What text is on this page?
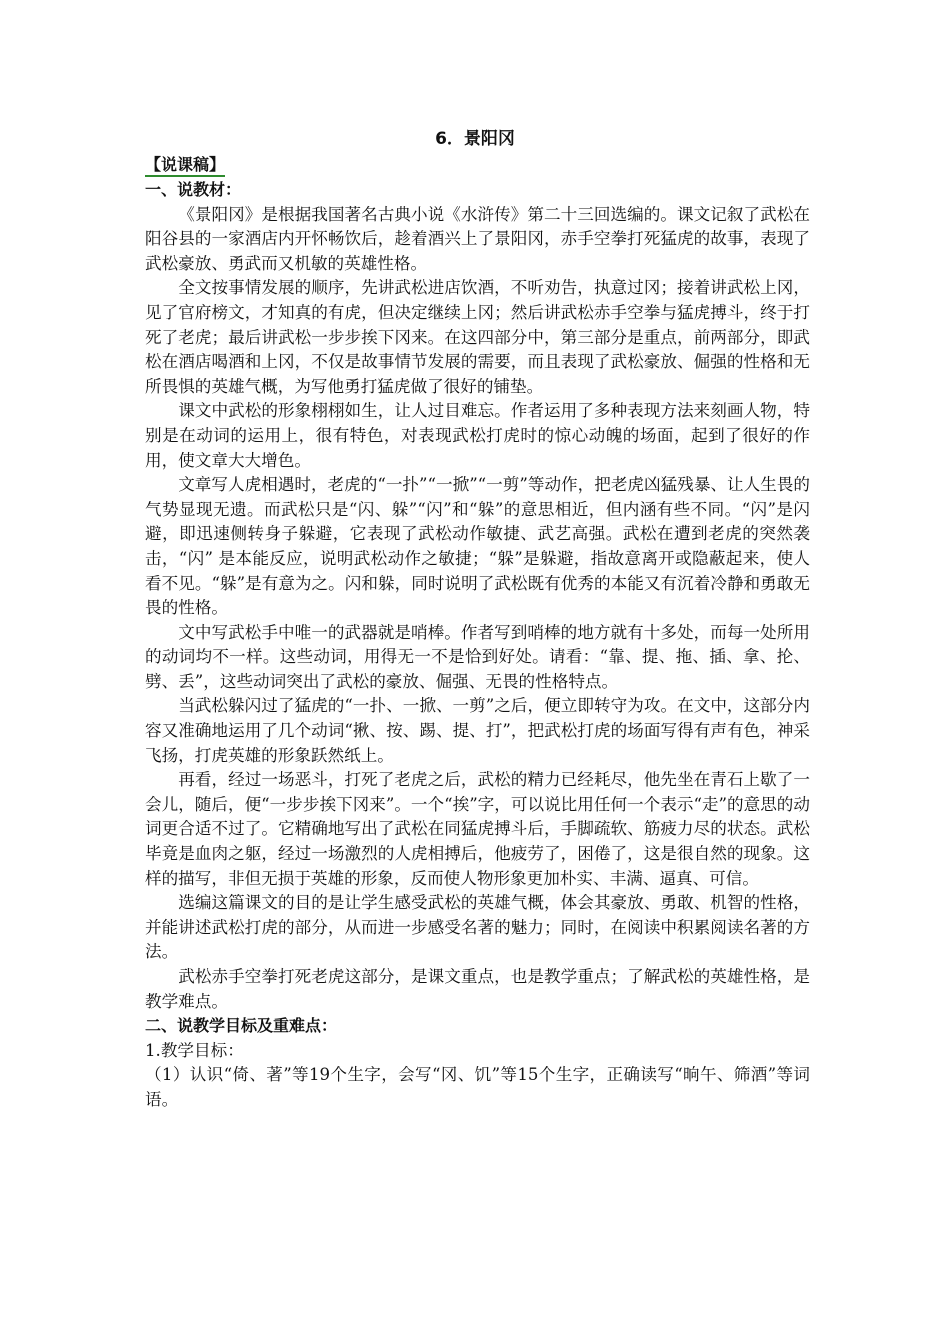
6．景阳冈

【说课稿】

一、说教材：

《景阳冈》是根据我国著名古典小说《水浒传》第二十三回选编的。课文记叙了武松在阳谷县的一家酒店内开怀畅饮后，趁着酒兴上了景阳冈，赤手空拳打死猛虎的故事，表现了武松豪放、勇武而又机敏的英雄性格。

全文按事情发展的顺序，先讲武松进店饮酒，不听劝告，执意过冈；接着讲武松上冈，见了官府榜文，才知真的有虎，但决定继续上冈；然后讲武松赤手空拳与猛虎搏斗，终于打死了老虎；最后讲武松一步步挨下冈来。在这四部分中，第三部分是重点，前两部分，即武松在酒店喝酒和上冈，不仅是故事情节发展的需要，而且表现了武松豪放、倔强的性格和无所畏惧的英雄气概，为写他勇打猛虎做了很好的铺垫。

课文中武松的形象栩栩如生，让人过目难忘。作者运用了多种表现方法来刻画人物，特别是在动词的运用上，很有特色，对表现武松打虎时的惊心动魄的场面，起到了很好的作用，使文章大大增色。

文章写人虎相遇时，老虎的“一扑”“一掀”“一剪”等动作，把老虎凶猛残暴、让人生畏的气势显现无遗。而武松只是“闪、躲”“闪”和“躲”的意思相近，但内涵有些不同。“闪”是闪避，即迅速侧转身子躲避，它表现了武松动作敏捷、武艺高强。武松在遭到老虎的突然袭击，“闪” 是本能反应，说明武松动作之敏捷；“躲”是躲避，指故意离开或隐蔽起来，使人看不见。“躲”是有意为之。闪和躲，同时说明了武松既有优秀的本能又有沉着冷静和勇敢无畏的性格。

文中写武松手中唯一的武器就是哨棒。作者写到哨棒的地方就有十多处，而每一处所用的动词均不一样。这些动词，用得无一不是恰到好处。请看：“靠、提、拖、插、拿、抡、劈、丢”，这些动词突出了武松的豪放、倔强、无畏的性格特点。

当武松躲闪过了猛虎的“一扑、一掀、一剪”之后，便立即转守为攻。在文中，这部分内容又准确地运用了几个动词“揪、按、踢、提、打”，把武松打虎的场面写得有声有色，神采飞扬，打虎英雄的形象跃然纸上。

再看，经过一场恶斗，打死了老虎之后，武松的精力已经耗尽，他先坐在青石上歇了一会儿，随后，便“一步步挨下冈来”。一个“挨”字，可以说比用任何一个表示“走”的意思的动词更合适不过了。它精确地写出了武松在同猛虎搏斗后，手脚疏软、筋疲力尽的状态。武松毕竟是血肉之躯，经过一场激烈的人虎相搏后，他疲劳了，困倦了，这是很自然的现象。这样的描写，非但无损于英雄的形象，反而使人物形象更加朴实、丰满、逼真、可信。

选编这篇课文的目的是让学生感受武松的英雄气概，体会其豪放、勇敢、机智的性格，并能讲述武松打虎的部分，从而进一步感受名著的魅力；同时，在阅读中积累阅读名著的方法。

武松赤手空拳打死老虎这部分，是课文重点，也是教学重点；了解武松的英雄性格，是教学难点。

二、说教学目标及重难点：

1.教学目标：

（1）认识“倚、著”等19个生字，会写“冈、饥”等15个生字，正确读写“晌午、筛酒”等词语。
